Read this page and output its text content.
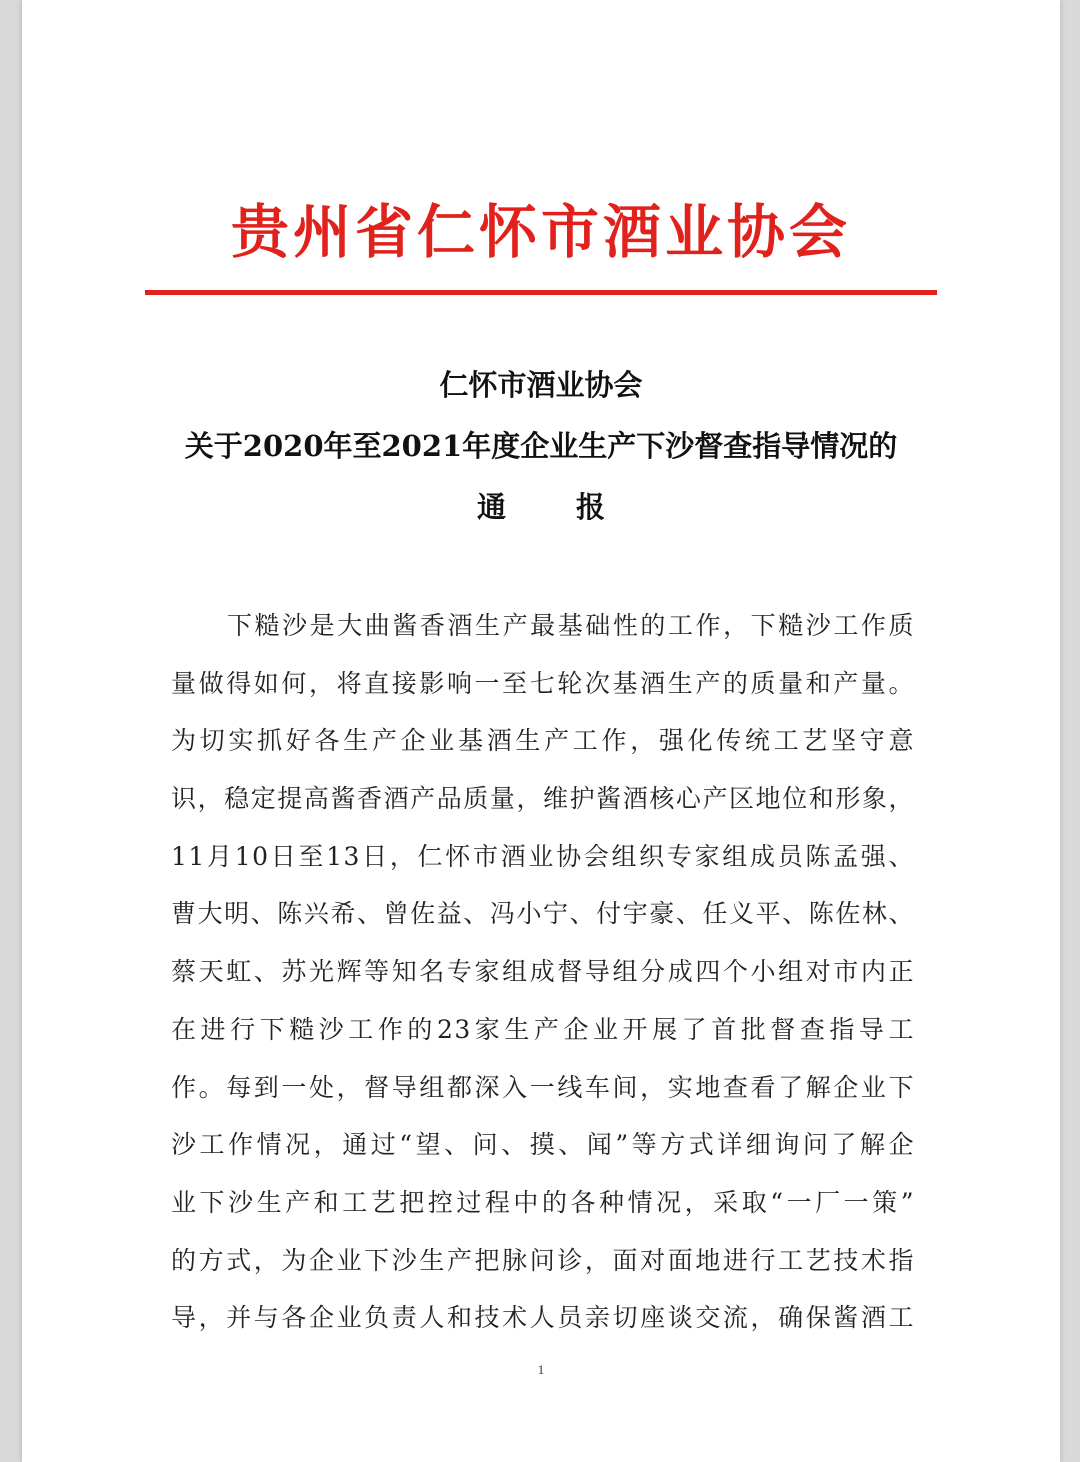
贵州省仁怀市酒业协会
仁怀市酒业协会
关于2020年至2021年度企业生产下沙督查指导情况的
通 报
下糙沙是大曲酱香酒生产最基础性的工作，下糙沙工作质
量做得如何，将直接影响一至七轮次基酒生产的质量和产量。
为切实抓好各生产企业基酒生产工作，强化传统工艺坚守意
识，稳定提高酱香酒产品质量，维护酱酒核心产区地位和形象，
11月10日至13日，仁怀市酒业协会组织专家组成员陈孟强、
曹大明、陈兴希、曾佐益、冯小宁、付宇豪、任义平、陈佐林、
蔡天虹、苏光辉等知名专家组成督导组分成四个小组对市内正
在进行下糙沙工作的23家生产企业开展了首批督查指导工
作。每到一处，督导组都深入一线车间，实地查看了解企业下
沙工作情况，通过“望、问、摸、闻”等方式详细询问了解企
业下沙生产和工艺把控过程中的各种情况，采取“一厂一策”
的方式，为企业下沙生产把脉问诊，面对面地进行工艺技术指
导，并与各企业负责人和技术人员亲切座谈交流，确保酱酒工
1
